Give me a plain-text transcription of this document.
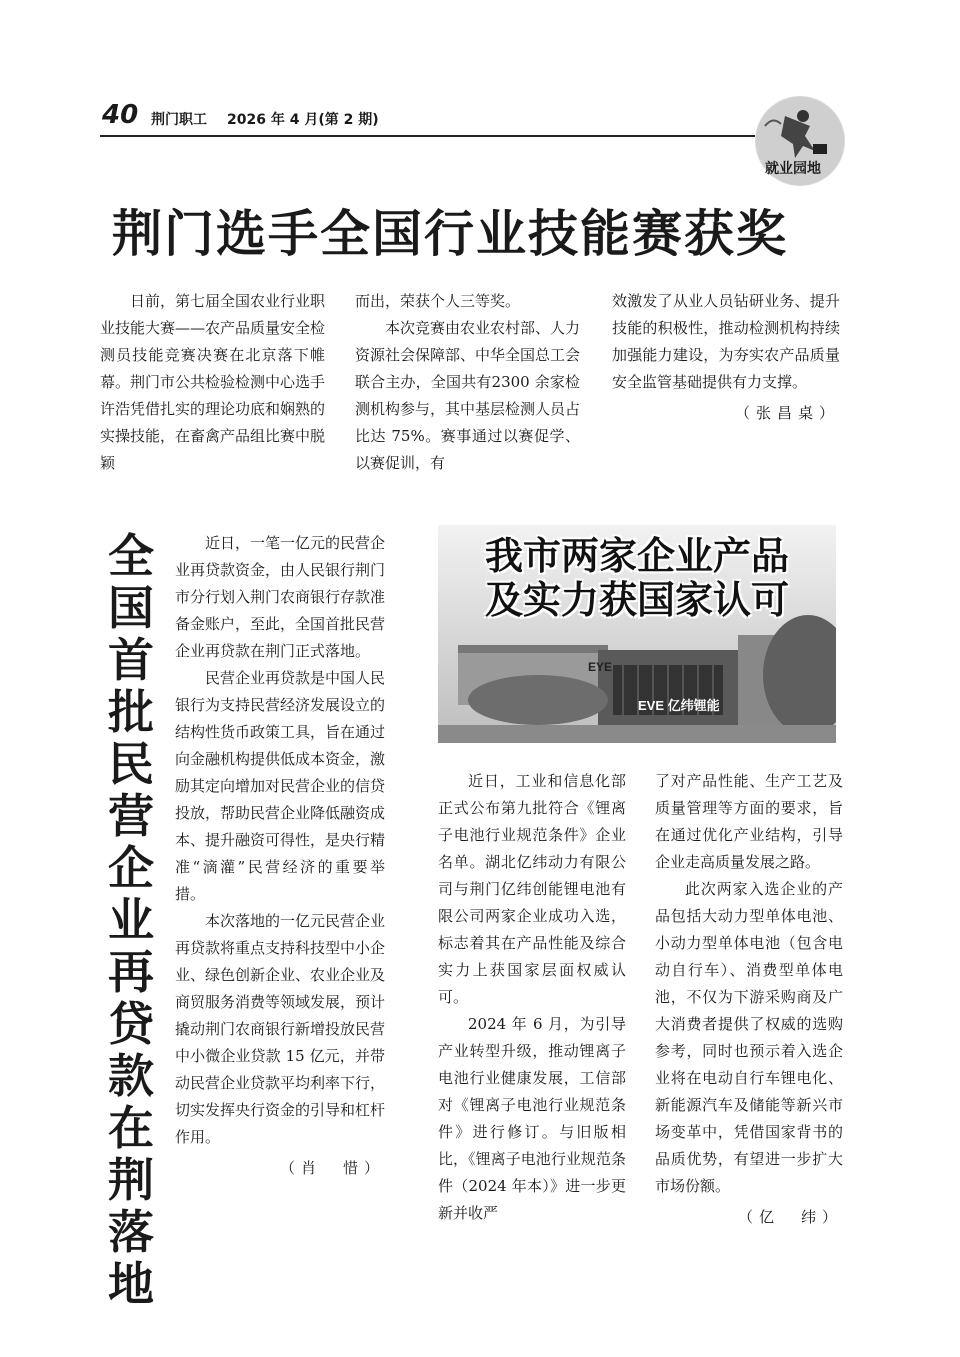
40 荆门职工 2026 年 4 月(第 2 期)
就业园地
荆门选手全国行业技能赛获奖

日前，第七届全国农业行业职业技能大赛——农产品质量安全检测员技能竞赛决赛在北京落下帷幕。荆门市公共检验检测中心选手许浩凭借扎实的理论功底和娴熟的实操技能，在畜禽产品组比赛中脱颖

而出，荣获个人三等奖。

本次竞赛由农业农村部、人力资源社会保障部、中华全国总工会联合主办，全国共有2300 余家检测机构参与，其中基层检测人员占比达 75%。赛事通过以赛促学、以赛促训，有

效激发了从业人员钻研业务、提升技能的积极性，推动检测机构持续加强能力建设，为夯实农产品质量安全监管基础提供有力支撑。

（张昌桌）
全
国
首
批
民
营
企
业
再
贷
款
在
荆
落
地

近日，一笔一亿元的民营企业再贷款资金，由人民银行荆门市分行划入荆门农商银行存款准备金账户，至此，全国首批民营企业再贷款在荆门正式落地。

民营企业再贷款是中国人民银行为支持民营经济发展设立的结构性货币政策工具，旨在通过向金融机构提供低成本资金，激励其定向增加对民营企业的信贷投放，帮助民营企业降低融资成本、提升融资可得性，是央行精准“滴灌”民营经济的重要举措。

本次落地的一亿元民营企业再贷款将重点支持科技型中小企业、绿色创新企业、农业企业及商贸服务消费等领域发展，预计撬动荆门农商银行新增投放民营中小微企业贷款 15 亿元，并带动民营企业贷款平均利率下行，切实发挥央行资金的引导和杠杆作用。

（肖　惜）
EYE
EVE 亿纬锂能
我市两家企业产品
及实力获国家认可

近日，工业和信息化部正式公布第九批符合《锂离子电池行业规范条件》企业名单。湖北亿纬动力有限公司与荆门亿纬创能锂电池有限公司两家企业成功入选，标志着其在产品性能及综合实力上获国家层面权威认可。

2024 年 6 月，为引导产业转型升级，推动锂离子电池行业健康发展，工信部对《锂离子电池行业规范条件》进行修订。与旧版相比，《锂离子电池行业规范条件（2024 年本）》进一步更新并收严

了对产品性能、生产工艺及质量管理等方面的要求，旨在通过优化产业结构，引导企业走高质量发展之路。

此次两家入选企业的产品包括大动力型单体电池、小动力型单体电池（包含电动自行车）、消费型单体电池，不仅为下游采购商及广大消费者提供了权威的选购参考，同时也预示着入选企业将在电动自行车锂电化、新能源汽车及储能等新兴市场变革中，凭借国家背书的品质优势，有望进一步扩大市场份额。

（亿　纬）
